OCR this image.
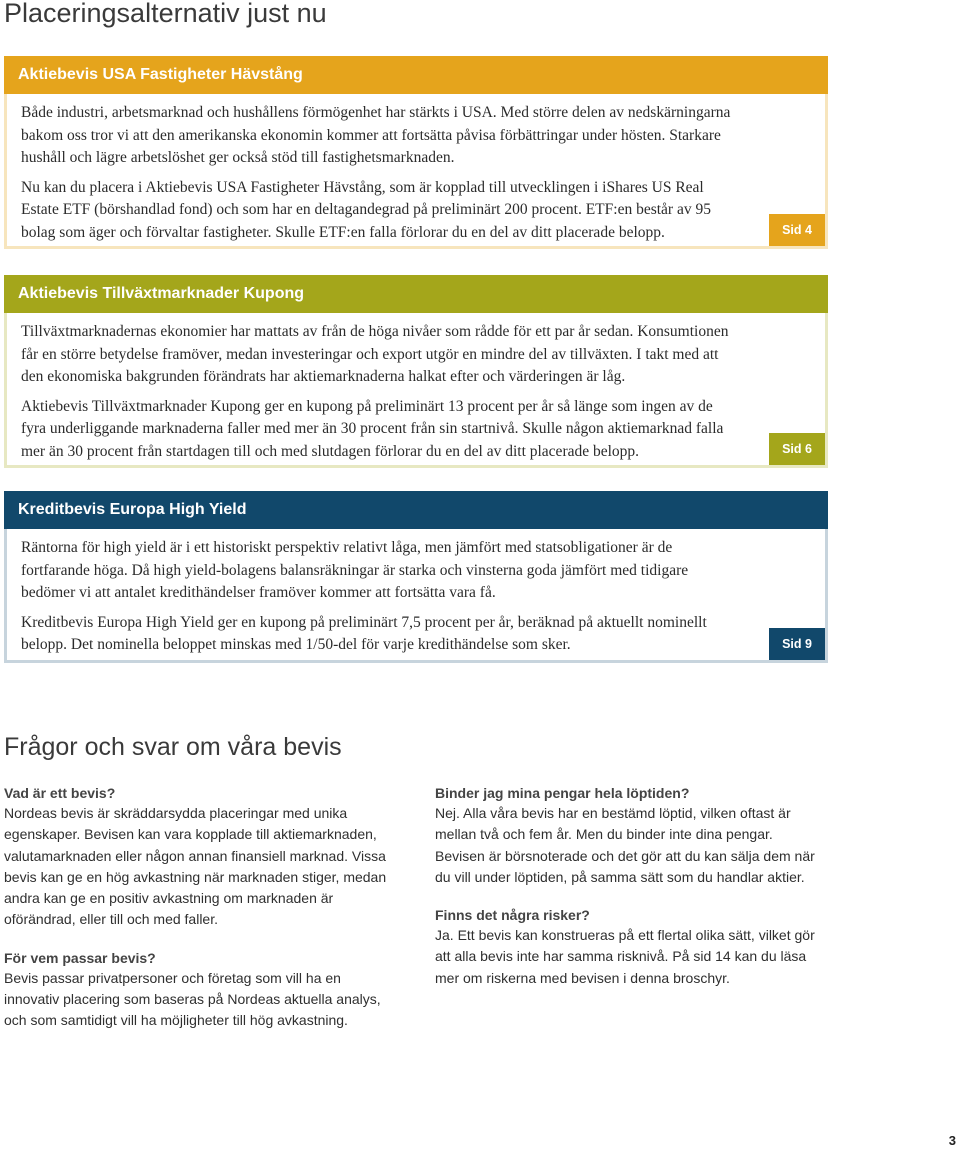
Placeringsalternativ just nu
Aktiebevis USA Fastigheter Hävstång

Både industri, arbetsmarknad och hushållens förmögenhet har stärkts i USA. Med större delen av nedskärningarna bakom oss tror vi att den amerikanska ekonomin kommer att fortsätta påvisa förbättringar under hösten. Starkare hushåll och lägre arbetslöshet ger också stöd till fastighetsmarknaden.

Nu kan du placera i Aktiebevis USA Fastigheter Hävstång, som är kopplad till utvecklingen i iShares US Real Estate ETF (börshandlad fond) och som har en deltagandegrad på preliminärt 200 procent. ETF:en består av 95 bolag som äger och förvaltar fastigheter. Skulle ETF:en falla förlorar du en del av ditt placerade belopp.	Sid 4
Aktiebevis Tillväxtmarknader Kupong

Tillväxtmarknadernas ekonomier har mattats av från de höga nivåer som rådde för ett par år sedan. Konsumtionen får en större betydelse framöver, medan investeringar och export utgör en mindre del av tillväxten. I takt med att den ekonomiska bakgrunden förändrats har aktiemarknaderna halkat efter och värderingen är låg.

Aktiebevis Tillväxtmarknader Kupong ger en kupong på preliminärt 13 procent per år så länge som ingen av de fyra underliggande marknaderna faller med mer än 30 procent från sin startnivå. Skulle någon aktiemarknad falla mer än 30 procent från startdagen till och med slutdagen förlorar du en del av ditt placerade belopp.	Sid 6
Kreditbevis Europa High Yield

Räntorna för high yield är i ett historiskt perspektiv relativt låga, men jämfört med statsobligationer är de fortfarande höga. Då high yield-bolagens balansräkningar är starka och vinsterna goda jämfört med tidigare bedömer vi att antalet kredithändelser framöver kommer att fortsätta vara få.

Kreditbevis Europa High Yield ger en kupong på preliminärt 7,5 procent per år, beräknad på aktuellt nominellt belopp. Det nominella beloppet minskas med 1/50-del för varje kredithändelse som sker.	Sid 9
Frågor och svar om våra bevis

Vad är ett bevis?

Nordeas bevis är skräddarsydda placeringar med unika egenskaper. Bevisen kan vara kopplade till aktiemarknaden, valutamarknaden eller någon annan finansiell marknad. Vissa bevis kan ge en hög avkastning när marknaden stiger, medan andra kan ge en positiv avkastning om marknaden är oförändrad, eller till och med faller.

För vem passar bevis?

Bevis passar privatpersoner och företag som vill ha en innovativ placering som baseras på Nordeas aktuella analys, och som samtidigt vill ha möjligheter till hög avkastning.

Binder jag mina pengar hela löptiden?

Nej. Alla våra bevis har en bestämd löptid, vilken oftast är mellan två och fem år. Men du binder inte dina pengar. Bevisen är börsnoterade och det gör att du kan sälja dem när du vill under löptiden, på samma sätt som du handlar aktier.

Finns det några risker?

Ja. Ett bevis kan konstrueras på ett flertal olika sätt, vilket gör att alla bevis inte har samma risknivå. På sid 14 kan du läsa mer om riskerna med bevisen i denna broschyr.

3
